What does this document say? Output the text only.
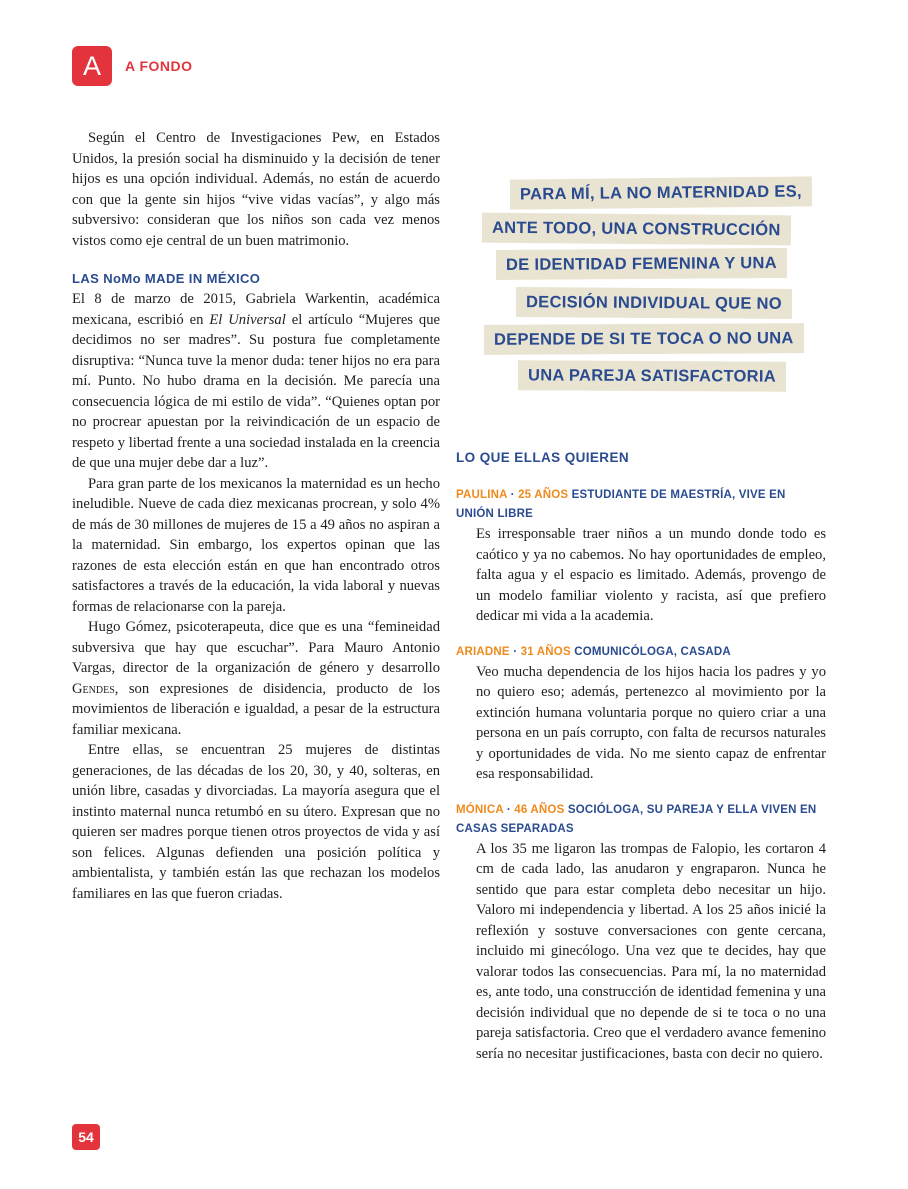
A	A FONDO

Según el Centro de Investigaciones Pew, en Estados Unidos, la presión social ha disminuido y la decisión de tener hijos es una opción individual. Además, no están de acuerdo con que la gente sin hijos “vive vidas vacías”, y algo más subversivo: consideran que los niños son cada vez menos vistos como eje central de un buen matrimonio.

LAS NoMo MADE IN MÉXICO

El 8 de marzo de 2015, Gabriela Warkentin, académica mexicana, escribió en El Universal el artículo “Mujeres que decidimos no ser madres”. Su postura fue completamente disruptiva: “Nunca tuve la menor duda: tener hijos no era para mí. Punto. No hubo drama en la decisión. Me parecía una consecuencia lógica de mi estilo de vida”. “Quienes optan por no procrear apuestan por la reivindicación de un espacio de respeto y libertad frente a una sociedad instalada en la creencia de que una mujer debe dar a luz”.

Para gran parte de los mexicanos la maternidad es un hecho ineludible. Nueve de cada diez mexicanas procrean, y solo 4% de más de 30 millones de mujeres de 15 a 49 años no aspiran a la maternidad. Sin embargo, los expertos opinan que las razones de esta elección están en que han encontrado otros satisfactores a través de la educación, la vida laboral y nuevas formas de relacionarse con la pareja.

Hugo Gómez, psicoterapeuta, dice que es una “femineidad subversiva que hay que escuchar”. Para Mauro Antonio Vargas, director de la organización de género y desarrollo Gendes, son expresiones de disidencia, producto de los movimientos de liberación e igualdad, a pesar de la estructura familiar mexicana.

Entre ellas, se encuentran 25 mujeres de distintas generaciones, de las décadas de los 20, 30, y 40, solteras, en unión libre, casadas y divorciadas. La mayoría asegura que el instinto maternal nunca retumbó en su útero. Expresan que no quieren ser madres porque tienen otros proyectos de vida y así son felices. Algunas defienden una posición política y ambientalista, y también están las que rechazan los modelos familiares en las que fueron criadas.

PARA MÍ, LA NO MATERNIDAD ES,
ANTE TODO, UNA CONSTRUCCIÓN
DE IDENTIDAD FEMENINA Y UNA
DECISIÓN INDIVIDUAL QUE NO
DEPENDE DE SI TE TOCA O NO UNA
UNA PAREJA SATISFACTORIA
LO QUE ELLAS QUIEREN
PAULINA · 25 AÑOS ESTUDIANTE DE MAESTRÍA, VIVE EN UNIÓN LIBRE

Es irresponsable traer niños a un mundo donde todo es caótico y ya no cabemos. No hay oportunidades de empleo, falta agua y el espacio es limitado. Además, provengo de un modelo familiar violento y racista, así que prefiero dedicar mi vida a la academia.

ARIADNE · 31 AÑOS COMUNICÓLOGA, CASADA

Veo mucha dependencia de los hijos hacia los padres y yo no quiero eso; además, pertenezco al movimiento por la extinción humana voluntaria porque no quiero criar a una persona en un país corrupto, con falta de recursos naturales y oportunidades de vida. No me siento capaz de enfrentar esa responsabilidad.

MÓNICA · 46 AÑOS SOCIÓLOGA, SU PAREJA Y ELLA VIVEN EN CASAS SEPARADAS

A los 35 me ligaron las trompas de Falopio, les cortaron 4 cm de cada lado, las anudaron y engraparon. Nunca he sentido que para estar completa debo necesitar un hijo. Valoro mi independencia y libertad. A los 25 años inicié la reflexión y sostuve conversaciones con gente cercana, incluido mi ginecólogo. Una vez que te decides, hay que valorar todos las consecuencias. Para mí, la no maternidad es, ante todo, una construcción de identidad femenina y una decisión individual que no depende de si te toca o no una pareja satisfactoria. Creo que el verdadero avance femenino sería no necesitar justificaciones, basta con decir no quiero.

54
